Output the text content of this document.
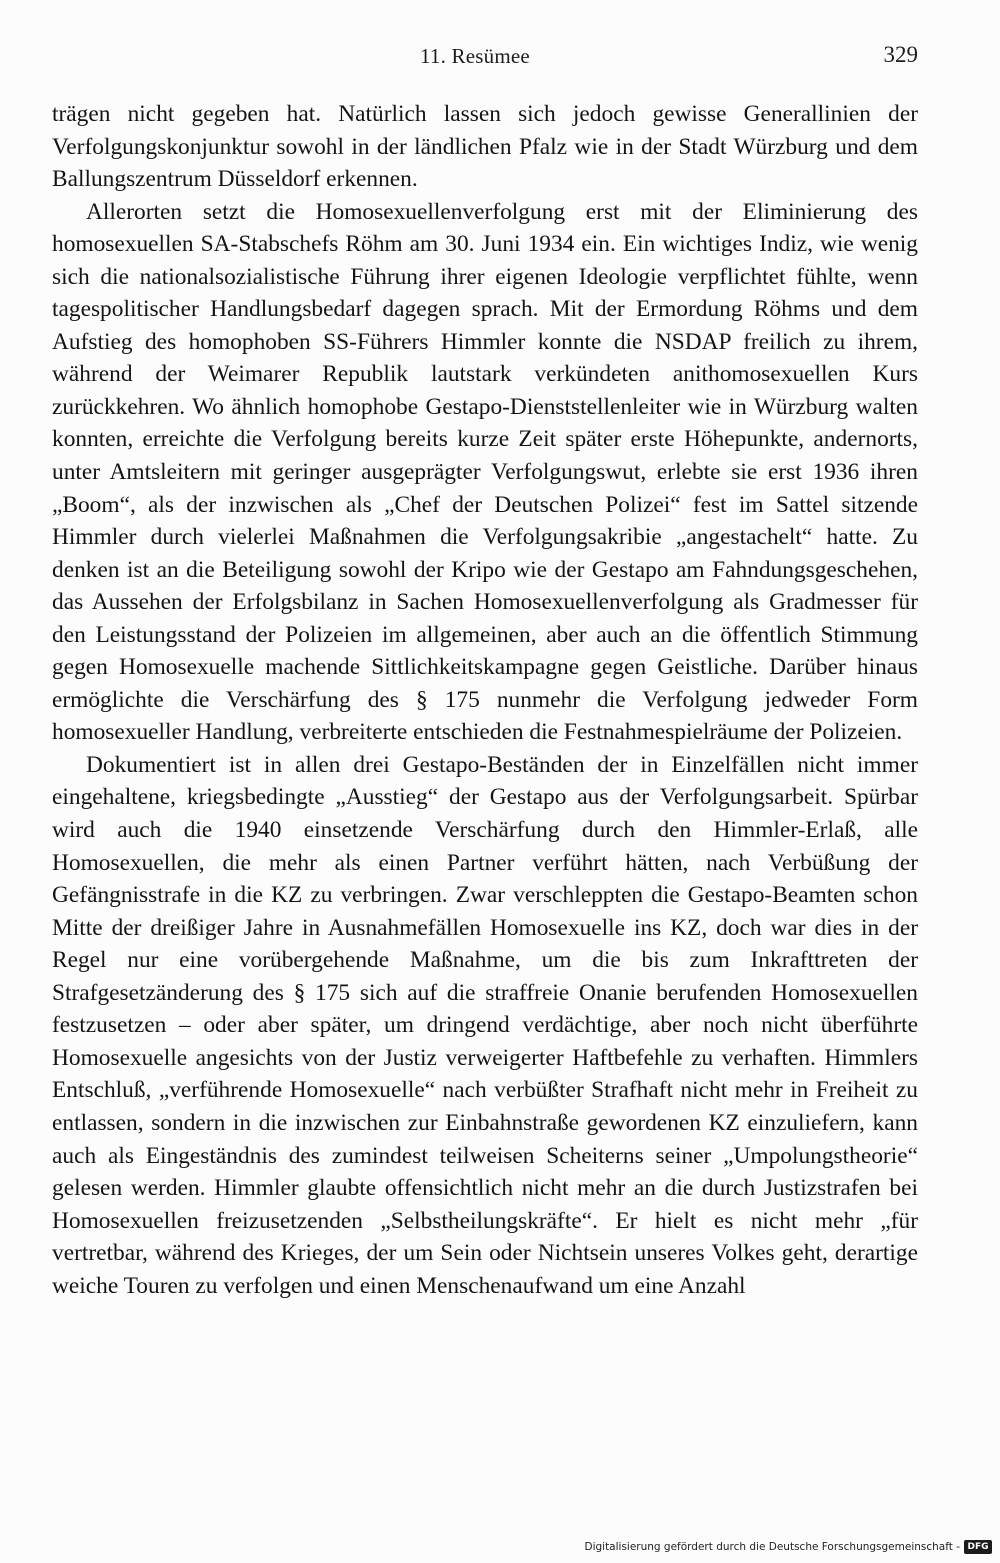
11. Resümee	329

trägen nicht gegeben hat. Natürlich lassen sich jedoch gewisse Generallinien der Verfolgungskonjunktur sowohl in der ländlichen Pfalz wie in der Stadt Würzburg und dem Ballungszentrum Düsseldorf erkennen.

Allerorten setzt die Homosexuellenverfolgung erst mit der Eliminierung des homosexuellen SA-Stabschefs Röhm am 30. Juni 1934 ein. Ein wichtiges Indiz, wie wenig sich die nationalsozialistische Führung ihrer eigenen Ideologie verpflichtet fühlte, wenn tagespolitischer Handlungsbedarf dagegen sprach. Mit der Ermordung Röhms und dem Aufstieg des homophoben SS-Führers Himmler konnte die NSDAP freilich zu ihrem, während der Weimarer Republik lautstark verkündeten anithomosexuellen Kurs zurückkehren. Wo ähnlich homophobe Gestapo-Dienststellenleiter wie in Würzburg walten konnten, erreichte die Verfolgung bereits kurze Zeit später erste Höhepunkte, andernorts, unter Amtsleitern mit geringer ausgeprägter Verfolgungswut, erlebte sie erst 1936 ihren „Boom“, als der inzwischen als „Chef der Deutschen Polizei“ fest im Sattel sitzende Himmler durch vielerlei Maßnahmen die Verfolgungsakribie „angestachelt“ hatte. Zu denken ist an die Beteiligung sowohl der Kripo wie der Gestapo am Fahndungsgeschehen, das Aussehen der Erfolgsbilanz in Sachen Homosexuellenverfolgung als Gradmesser für den Leistungsstand der Polizeien im allgemeinen, aber auch an die öffentlich Stimmung gegen Homosexuelle machende Sittlichkeitskampagne gegen Geistliche. Darüber hinaus ermöglichte die Verschärfung des § 175 nunmehr die Verfolgung jedweder Form homosexueller Handlung, verbreiterte entschieden die Festnahmespielräume der Polizeien.

Dokumentiert ist in allen drei Gestapo-Beständen der in Einzelfällen nicht immer eingehaltene, kriegsbedingte „Ausstieg“ der Gestapo aus der Verfolgungsarbeit. Spürbar wird auch die 1940 einsetzende Verschärfung durch den Himmler-Erlaß, alle Homosexuellen, die mehr als einen Partner verführt hätten, nach Verbüßung der Gefängnisstrafe in die KZ zu verbringen. Zwar verschleppten die Gestapo-Beamten schon Mitte der dreißiger Jahre in Ausnahmefällen Homosexuelle ins KZ, doch war dies in der Regel nur eine vorübergehende Maßnahme, um die bis zum Inkrafttreten der Strafgesetzänderung des § 175 sich auf die straffreie Onanie berufenden Homosexuellen festzusetzen – oder aber später, um dringend verdächtige, aber noch nicht überführte Homosexuelle angesichts von der Justiz verweigerter Haftbefehle zu verhaften. Himmlers Entschluß, „verführende Homosexuelle“ nach verbüßter Strafhaft nicht mehr in Freiheit zu entlassen, sondern in die inzwischen zur Einbahnstraße gewordenen KZ einzuliefern, kann auch als Eingeständnis des zumindest teilweisen Scheiterns seiner „Umpolungstheorie“ gelesen werden. Himmler glaubte offensichtlich nicht mehr an die durch Justizstrafen bei Homosexuellen freizusetzenden „Selbstheilungskräfte“. Er hielt es nicht mehr „für vertretbar, während des Krieges, der um Sein oder Nichtsein unseres Volkes geht, derartige weiche Touren zu verfolgen und einen Menschenaufwand um eine Anzahl

Digitalisierung gefördert durch die Deutsche Forschungsgemeinschaft - DFG
